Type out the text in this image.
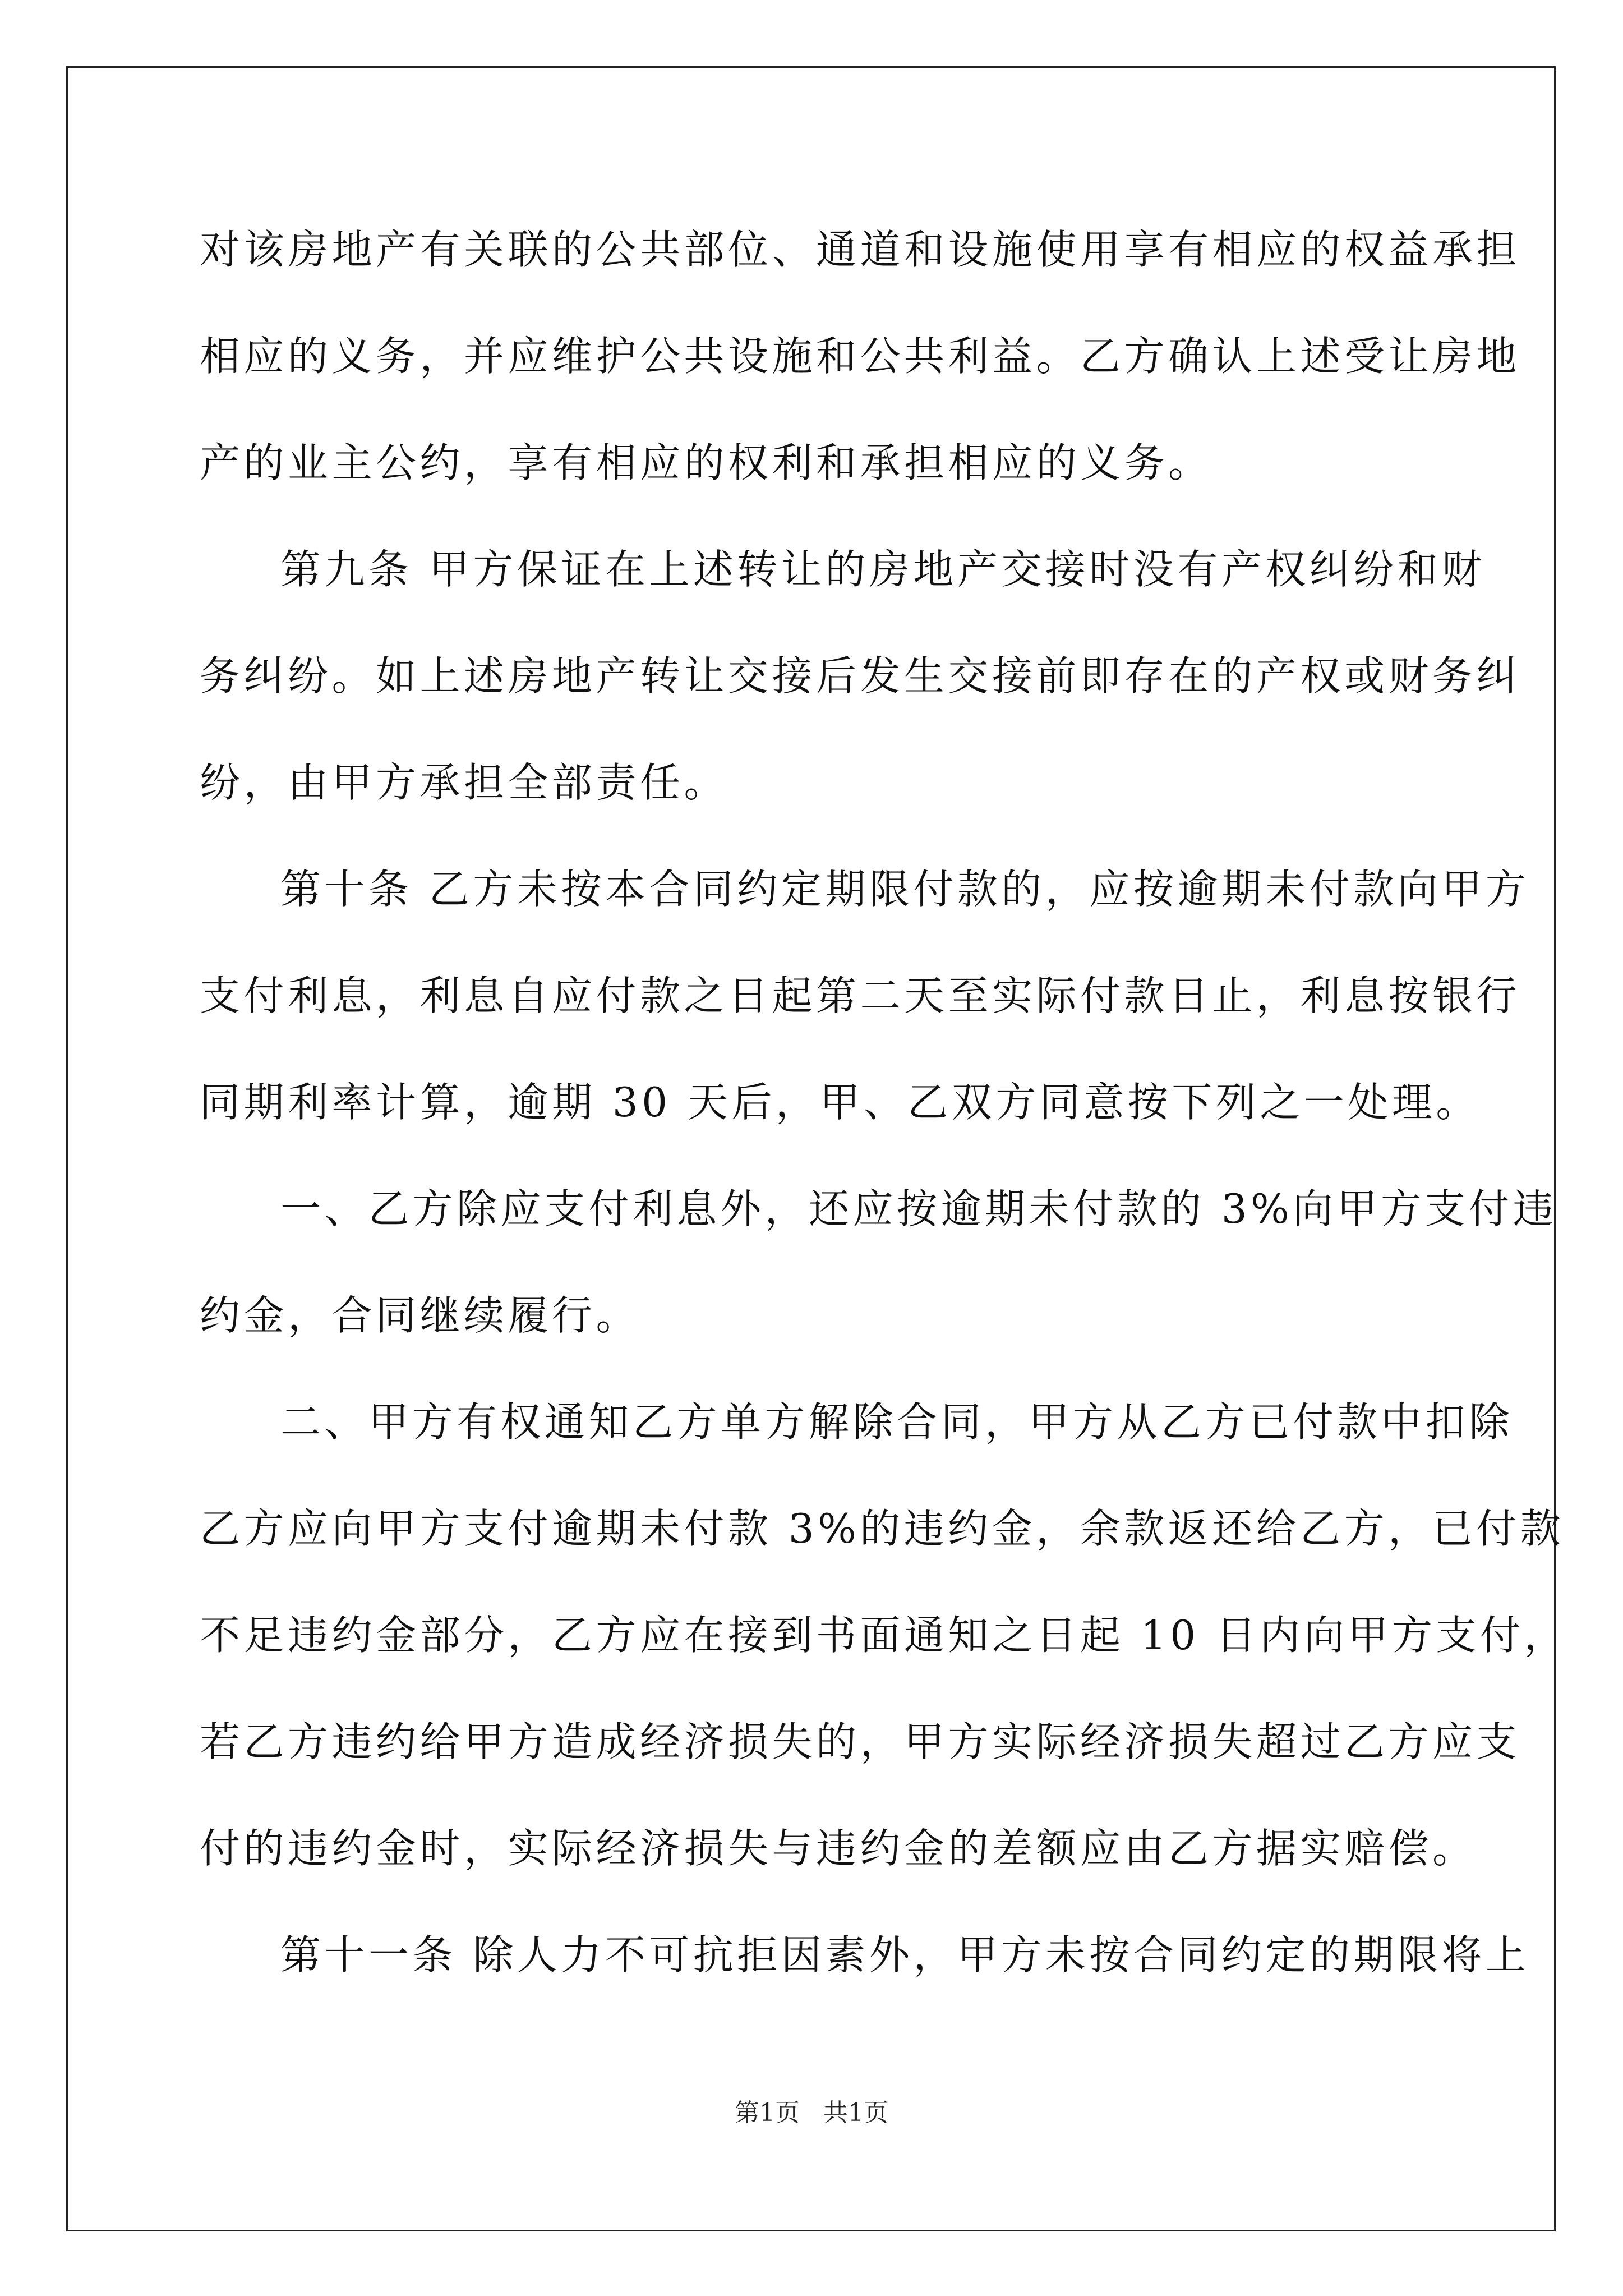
对该房地产有关联的公共部位、通道和设施使用享有相应的权益承担
相应的义务，并应维护公共设施和公共利益。乙方确认上述受让房地
产的业主公约，享有相应的权利和承担相应的义务。
第九条 甲方保证在上述转让的房地产交接时没有产权纠纷和财
务纠纷。如上述房地产转让交接后发生交接前即存在的产权或财务纠
纷，由甲方承担全部责任。
第十条 乙方未按本合同约定期限付款的，应按逾期未付款向甲方
支付利息，利息自应付款之日起第二天至实际付款日止，利息按银行
同期利率计算，逾期 30 天后，甲、乙双方同意按下列之一处理。
一、乙方除应支付利息外，还应按逾期未付款的 3%向甲方支付违
约金，合同继续履行。
二、甲方有权通知乙方单方解除合同，甲方从乙方已付款中扣除
乙方应向甲方支付逾期未付款 3%的违约金，余款返还给乙方，已付款
不足违约金部分，乙方应在接到书面通知之日起 10 日内向甲方支付，
若乙方违约给甲方造成经济损失的，甲方实际经济损失超过乙方应支
付的违约金时，实际经济损失与违约金的差额应由乙方据实赔偿。
第十一条 除人力不可抗拒因素外，甲方未按合同约定的期限将上
第1页   共1页
